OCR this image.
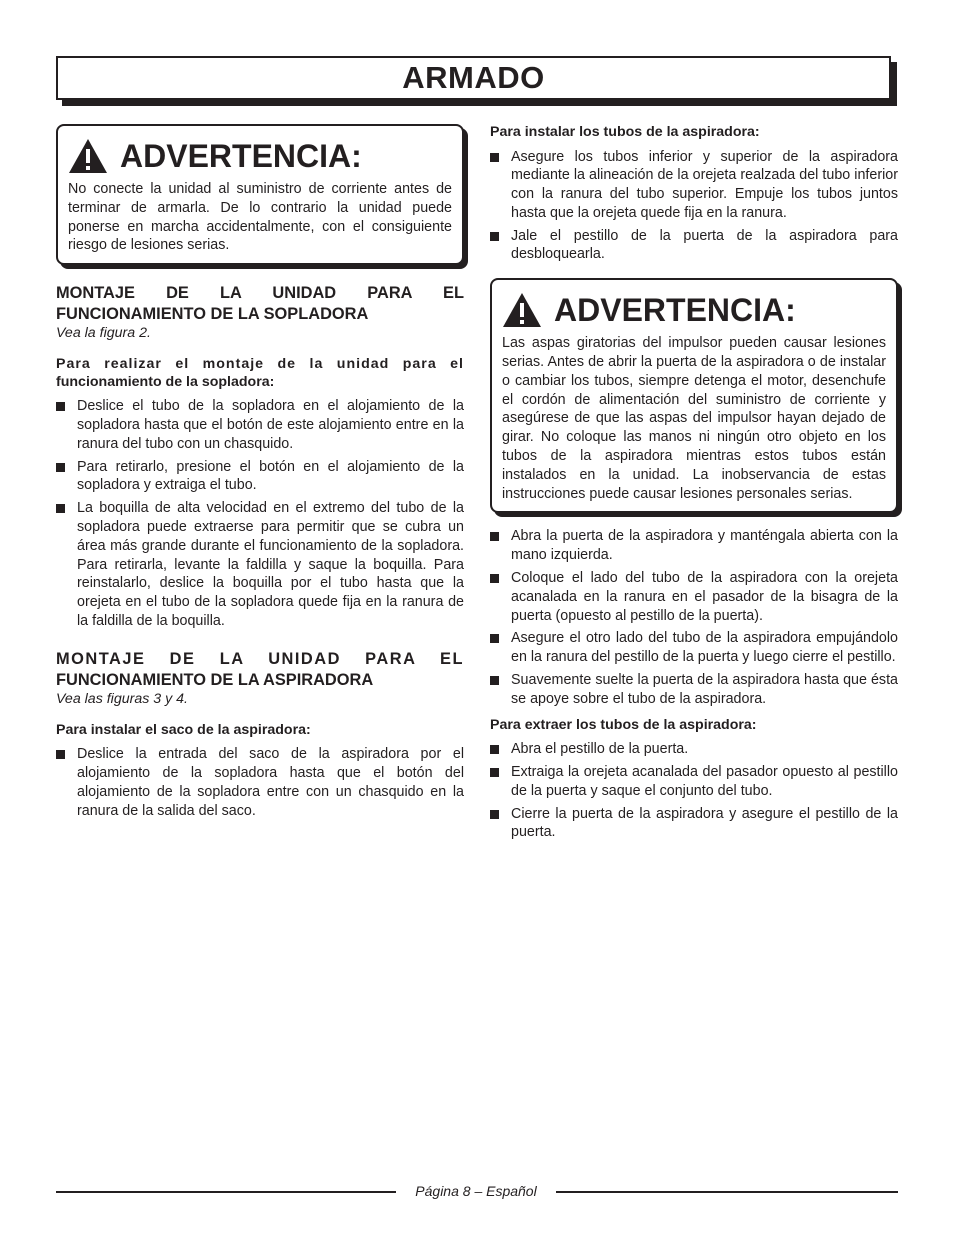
ARMADO
ADVERTENCIA:

No conecte la unidad al suministro de corriente antes de terminar de armarla. De lo contrario la unidad puede ponerse en marcha accidentalmente, con el consiguiente riesgo de lesiones serias.

MONTAJE DE LA UNIDAD PARA EL
FUNCIONAMIENTO DE LA SOPLADORA
Vea la figura 2.
Para realizar el montaje de la unidad para el
funcionamiento de la sopladora:
Deslice el tubo de la sopladora en el alojamiento de la sopladora hasta que el botón de este alojamiento entre en la ranura del tubo con un chasquido.
Para retirarlo, presione el botón en el alojamiento de la sopladora y extraiga el tubo.
La boquilla de alta velocidad en el extremo del tubo de la sopladora puede extraerse para permitir que se cubra un área más grande durante el funcionamiento de la sopladora. Para retirarla, levante la faldilla y saque la boquilla. Para reinstalarlo, deslice la boquilla por el tubo hasta que la orejeta en el tubo de la sopladora quede fija en la ranura de la faldilla de la boquilla.
MONTAJE DE LA UNIDAD PARA EL
FUNCIONAMIENTO DE LA ASPIRADORA
Vea las figuras 3 y 4.
Para instalar el saco de la aspiradora:
Deslice la entrada del saco de la aspiradora por el alojamiento de la sopladora hasta que el botón del alojamiento de la sopladora entre con un chasquido en la ranura de la salida del saco.
Para instalar los tubos de la aspiradora:
Asegure los tubos inferior y superior de la aspiradora mediante la alineación de la orejeta realzada del tubo inferior con la ranura del tubo superior. Empuje los tubos juntos hasta que la orejeta quede fija en la ranura.
Jale el pestillo de la puerta de la aspiradora para desbloquearla.
ADVERTENCIA:

Las aspas giratorias del impulsor pueden causar lesiones serias. Antes de abrir la puerta de la aspiradora o de instalar o cambiar los tubos, siempre detenga el motor, desenchufe el cordón de alimentación del suministro de corriente y asegúrese de que las aspas del impulsor hayan dejado de girar. No coloque las manos ni ningún otro objeto en los tubos de la aspiradora mientras estos tubos están instalados en la unidad. La inobservancia de estas instrucciones puede causar lesiones personales serias.

Abra la puerta de la aspiradora y manténgala abierta con la mano izquierda.
Coloque el lado del tubo de la aspiradora con la orejeta acanalada en la ranura en el pasador de la bisagra de la puerta (opuesto al pestillo de la puerta).
Asegure el otro lado del tubo de la aspiradora empujándolo en la ranura del pestillo de la puerta y luego cierre el pestillo.
Suavemente suelte la puerta de la aspiradora hasta que ésta se apoye sobre el tubo de la aspiradora.
Para extraer los tubos de la aspiradora:
Abra el pestillo de la puerta.
Extraiga la orejeta acanalada del pasador opuesto al pestillo de la puerta y saque el conjunto del tubo.
Cierre la puerta de la aspiradora y asegure el pestillo de la puerta.
Página 8 – Español
